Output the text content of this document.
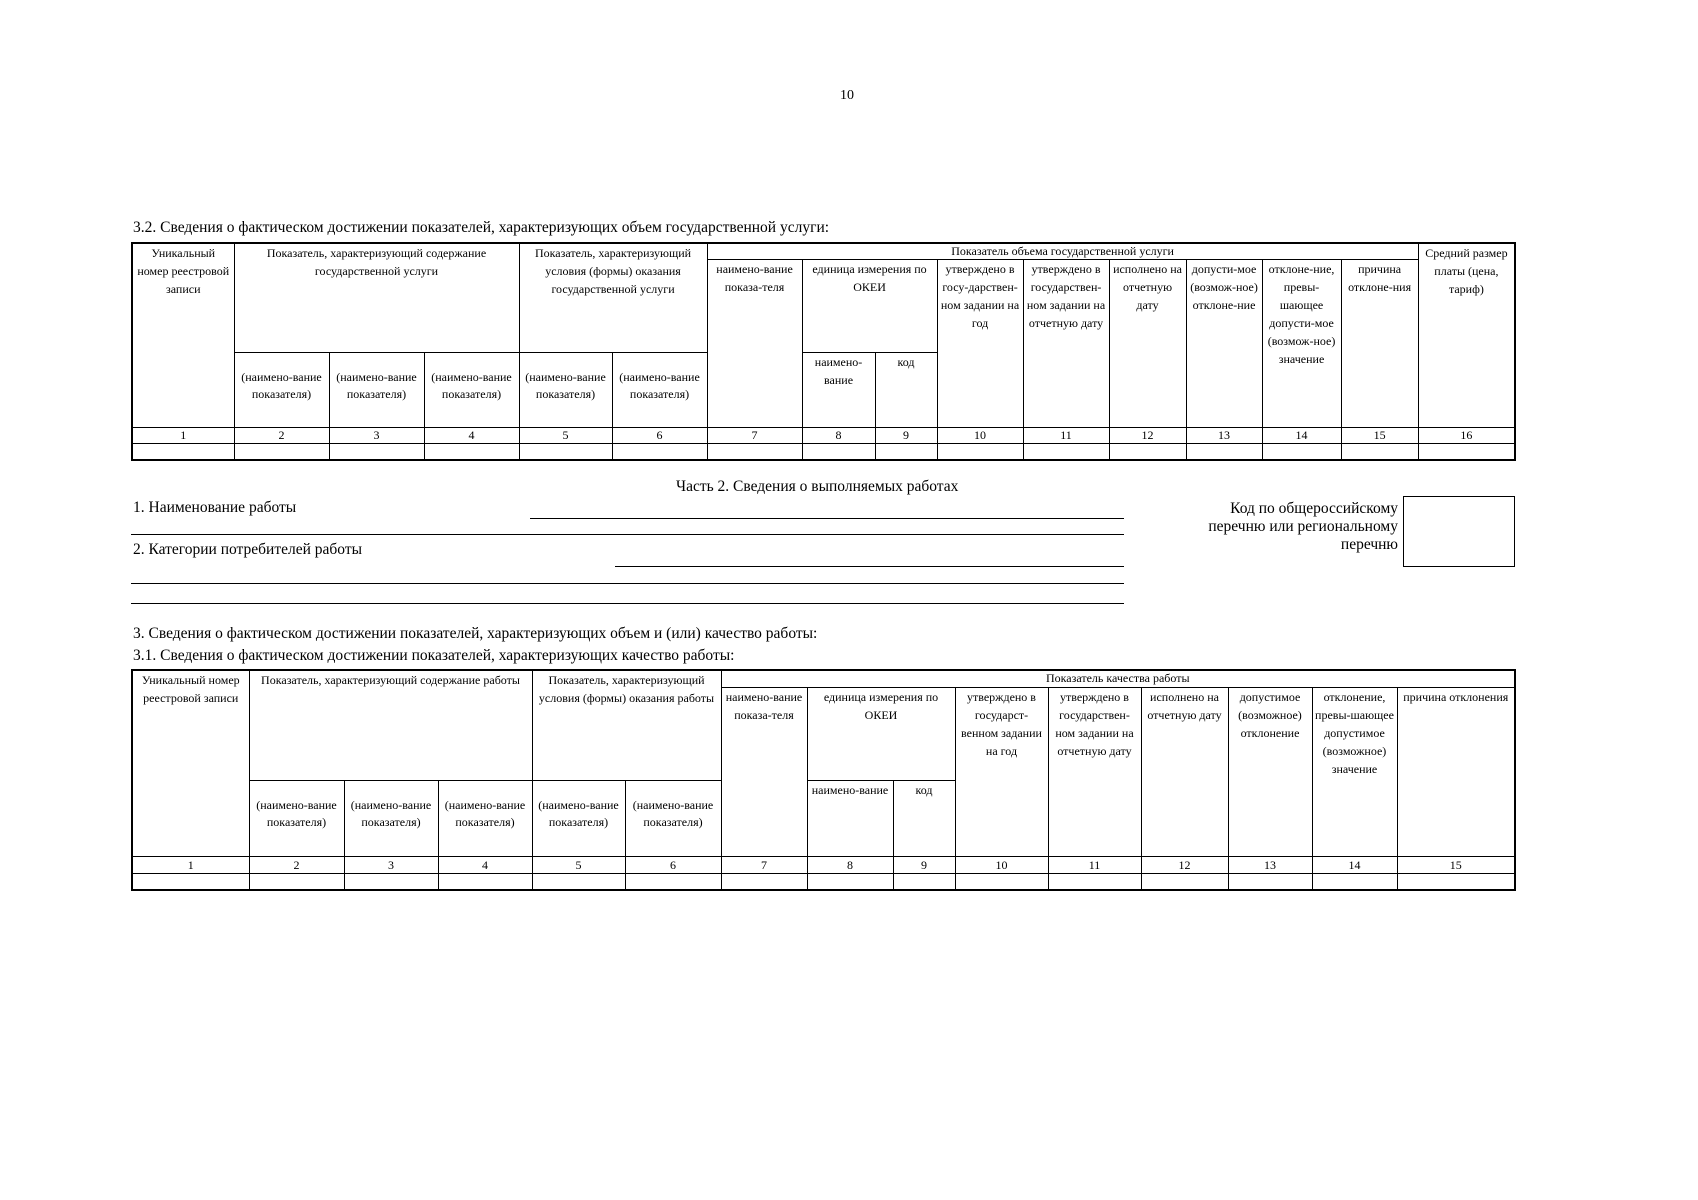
10
3.2. Сведения о фактическом достижении показателей, характеризующих объем государственной услуги:
Уникальный номер реестровой записи	Показатель, характеризующий содержание государственной услуги			Показатель, характеризующий условия (формы) оказания государственной услуги		Показатель объема государственной услуги									Средний размер платы (цена, тариф)
						наимено-вание показа-теля	единица измерения по ОКЕИ		утверждено в госу-дарствен-ном задании на год	утверждено в государствен-ном задании на отчетную дату	исполнено на отчетную дату	допусти-мое (возмож-ное) отклоне-ние	отклоне-ние, превы-шающее допусти-мое (возмож-ное) значение	причина отклоне-ния	
	(наимено-вание показателя)	(наимено-вание показателя)	(наимено-вание показателя)	(наимено-вание показателя)	(наимено-вание показателя)		наимено-вание	код							
1	2	3	4	5	6	7	8	9	10	11	12	13	14	15	16

Часть 2. Сведения о выполняемых работах
1. Наименование работы
2. Категории потребителей работы
Код по общероссийскому перечню или региональному перечню
3. Сведения о фактическом достижении показателей, характеризующих объем и (или) качество работы:
3.1. Сведения о фактическом достижении показателей, характеризующих качество работы:
Уникальный номер реестровой записи	Показатель, характеризующий содержание работы			Показатель, характеризующий условия (формы) оказания работы		Показатель качества работы								
						наимено-вание показа-теля	единица измерения по ОКЕИ		утверждено в государст-венном задании на год	утверждено в государствен-ном задании на отчетную дату	исполнено на отчетную дату	допустимое (возможное) отклонение	отклонение, превы-шающее допустимое (возможное) значение	причина отклонения
	(наимено-вание показателя)	(наимено-вание показателя)	(наимено-вание показателя)	(наимено-вание показателя)	(наимено-вание показателя)		наимено-вание	код						
1	2	3	4	5	6	7	8	9	10	11	12	13	14	15
